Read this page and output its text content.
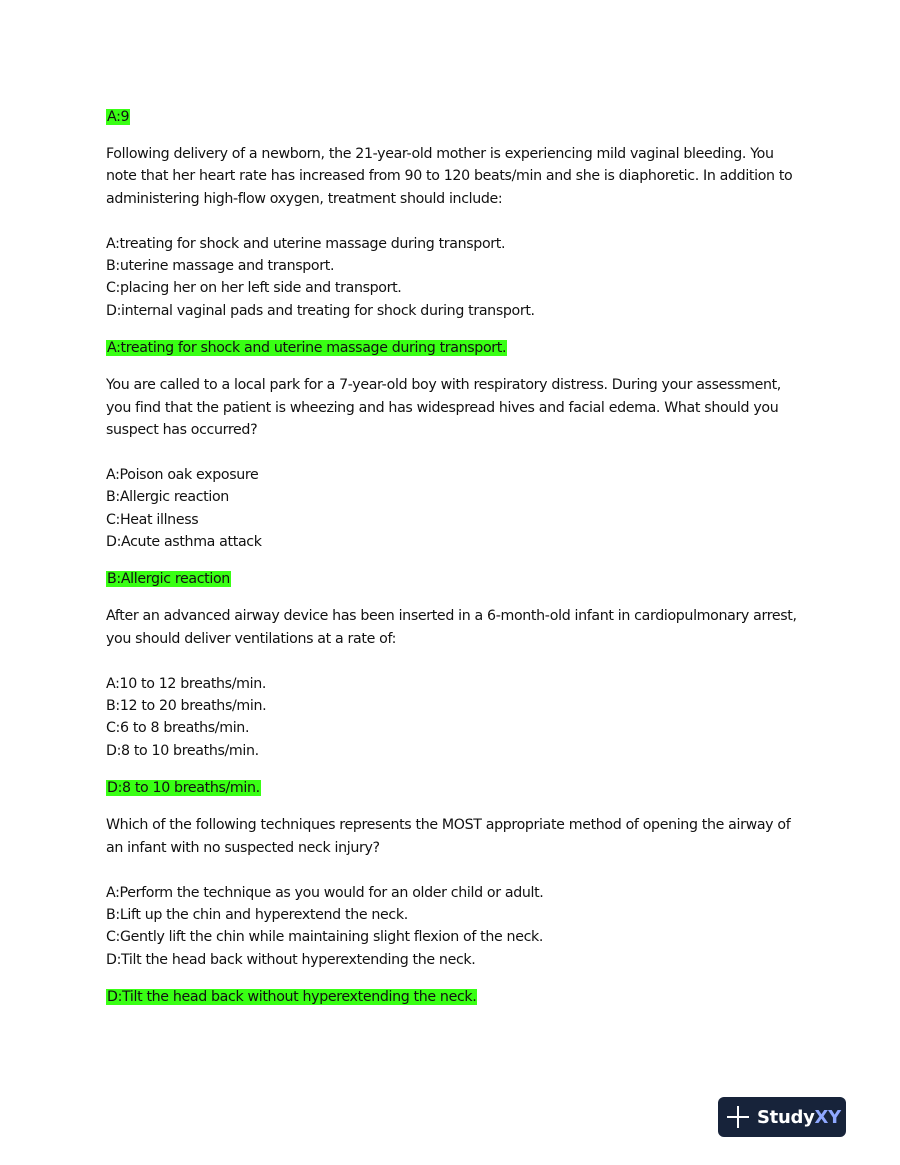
A:9

Following delivery of a newborn, the 21-year-old mother is experiencing mild vaginal bleeding. You note that her heart rate has increased from 90 to 120 beats/min and she is diaphoretic. In addition to administering high-flow oxygen, treatment should include:

A:treating for shock and uterine massage during transport.
B:uterine massage and transport.
C:placing her on her left side and transport.
D:internal vaginal pads and treating for shock during transport.
A:treating for shock and uterine massage during transport.

You are called to a local park for a 7-year-old boy with respiratory distress. During your assessment, you find that the patient is wheezing and has widespread hives and facial edema. What should you suspect has occurred?

A:Poison oak exposure
B:Allergic reaction
C:Heat illness
D:Acute asthma attack
B:Allergic reaction

After an advanced airway device has been inserted in a 6-month-old infant in cardiopulmonary arrest, you should deliver ventilations at a rate of:

A:10 to 12 breaths/min.
B:12 to 20 breaths/min.
C:6 to 8 breaths/min.
D:8 to 10 breaths/min.
D:8 to 10 breaths/min.

Which of the following techniques represents the MOST appropriate method of opening the airway of an infant with no suspected neck injury?

A:Perform the technique as you would for an older child or adult.
B:Lift up the chin and hyperextend the neck.
C:Gently lift the chin while maintaining slight flexion of the neck.
D:Tilt the head back without hyperextending the neck.
D:Tilt the head back without hyperextending the neck.
StudyXY
